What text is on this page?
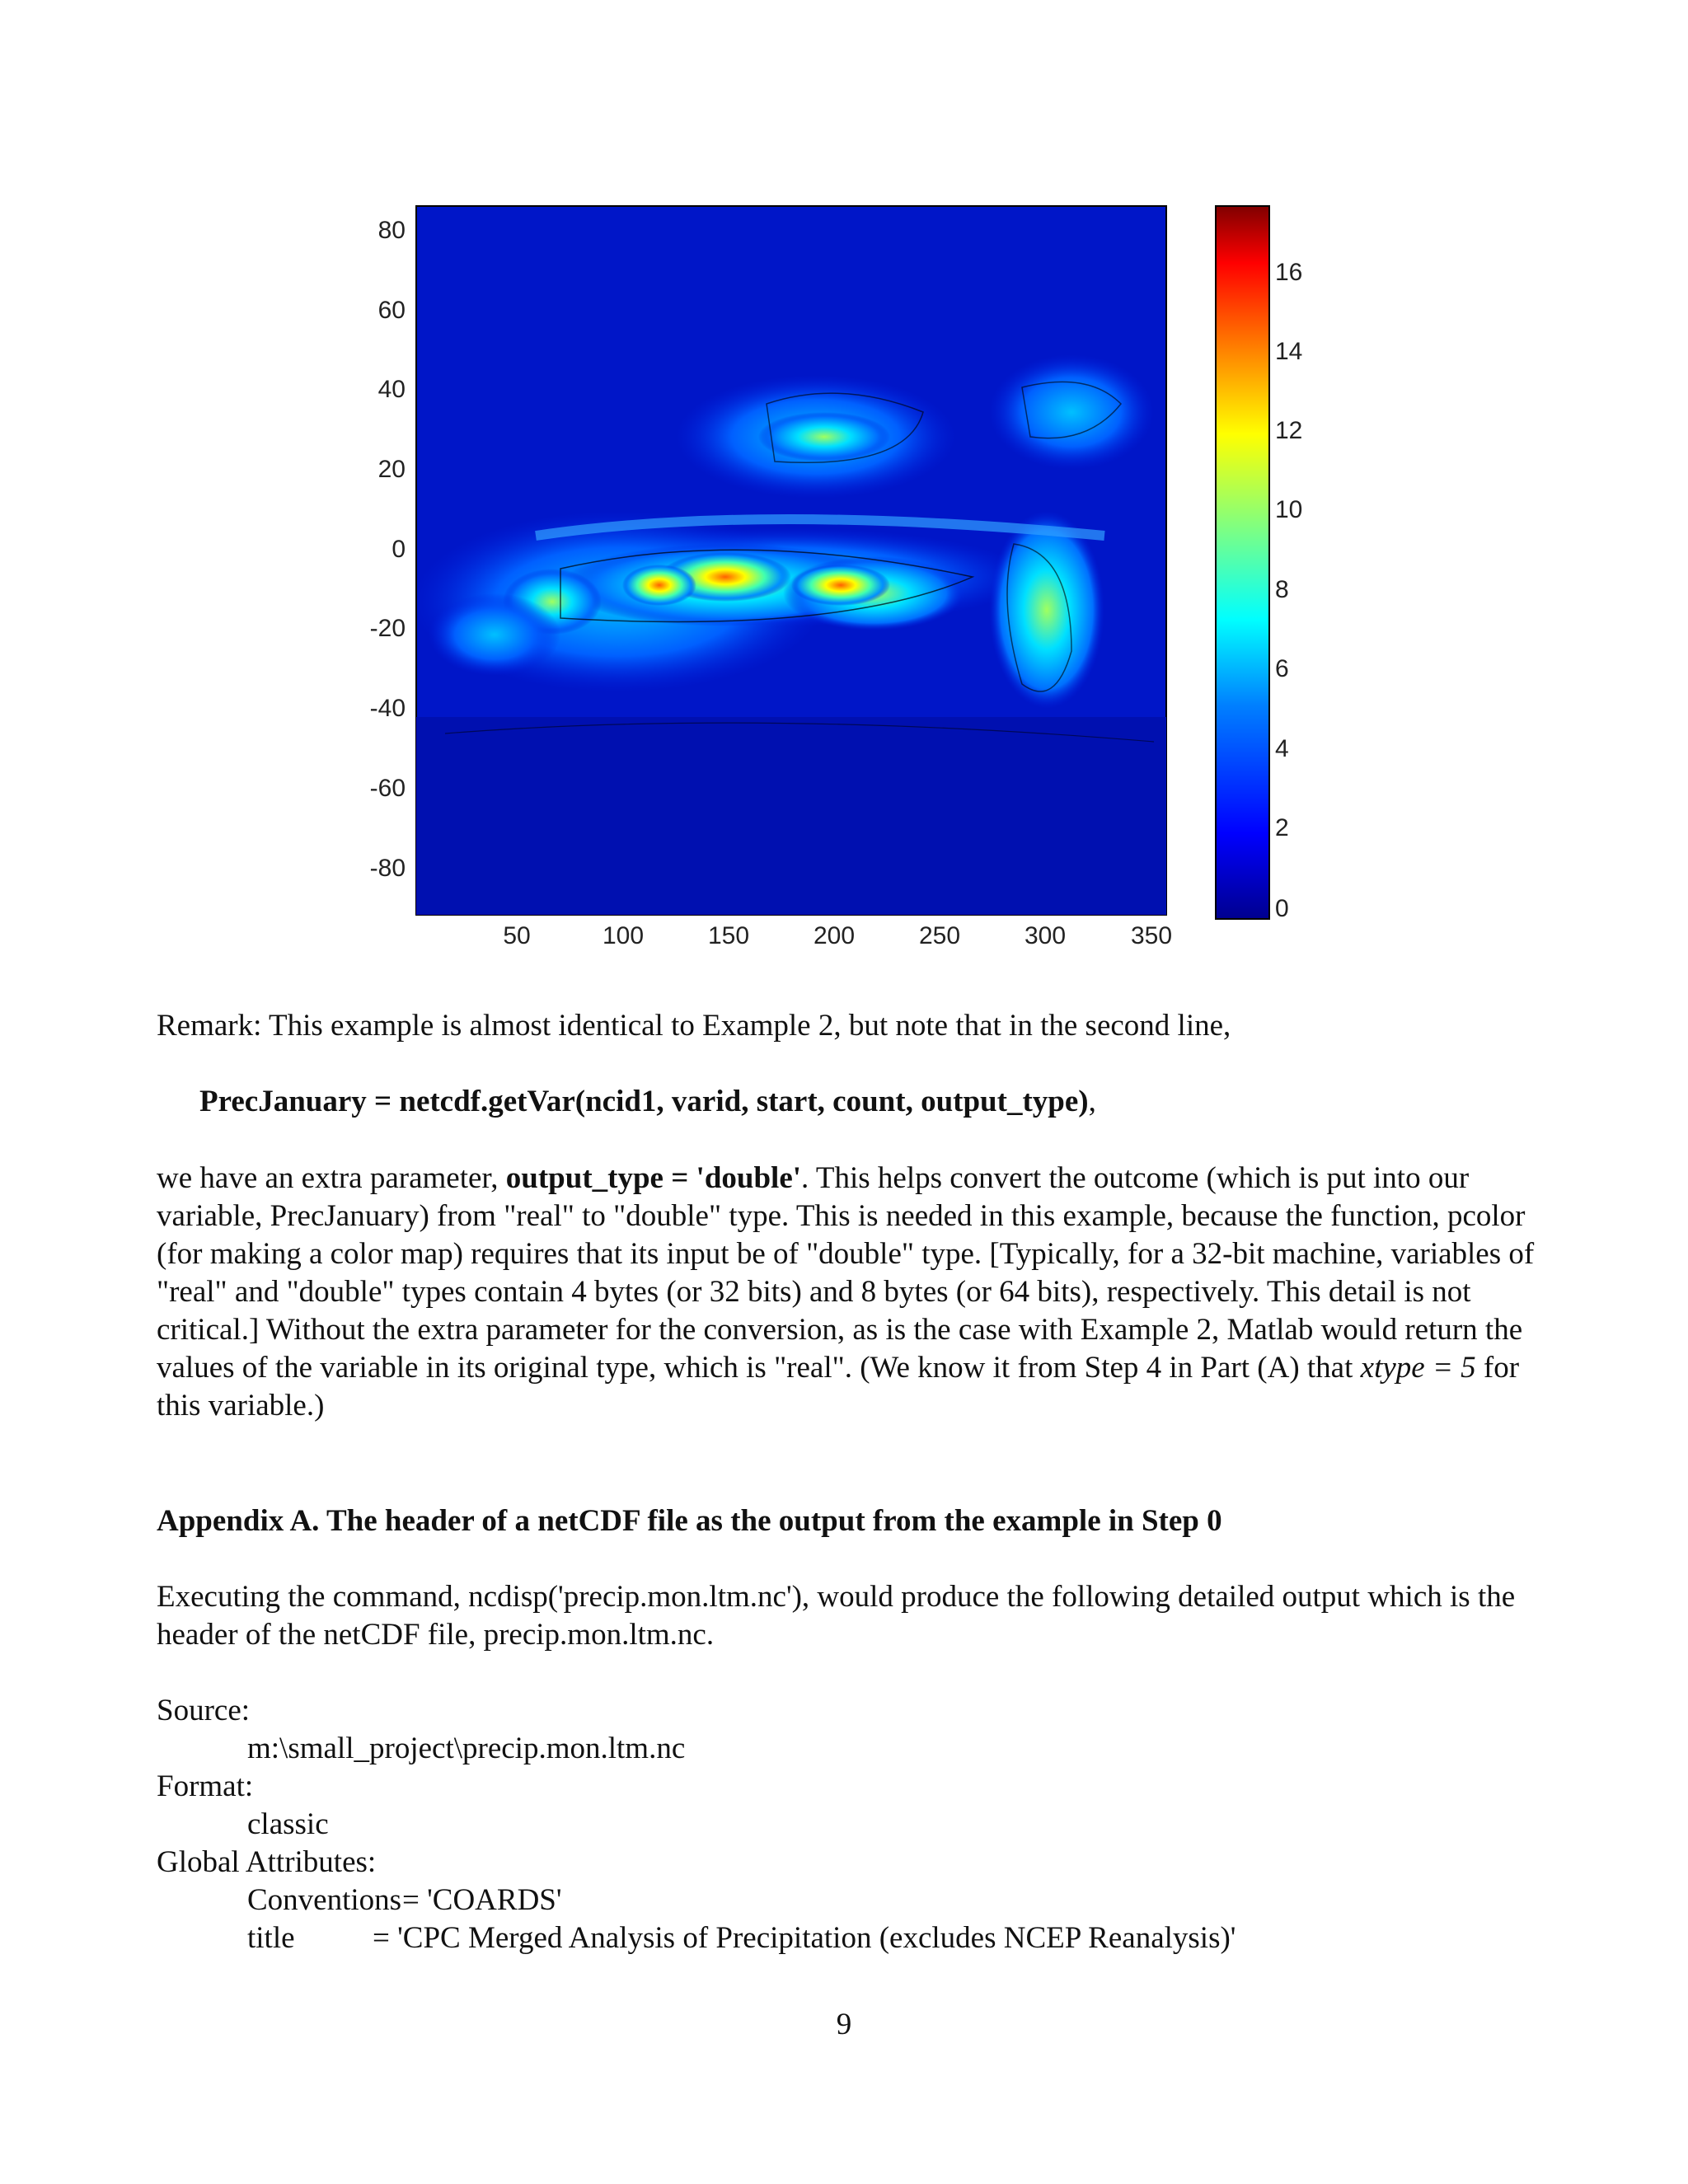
80
60
40
20
0
-20
-40
-60
-80
50	100	150	200	250	300	350
16
14
12
10
8
6
4
2
0
Remark: This example is almost identical to Example 2, but note that in the second line,
PrecJanuary = netcdf.getVar(ncid1, varid, start, count, output_type),
we have an extra parameter, output_type = 'double'. This helps convert the outcome (which is put into our variable, PrecJanuary) from "real" to "double" type. This is needed in this example, because the function, pcolor (for making a color map) requires that its input be of "double" type. [Typically, for a 32-bit machine, variables of "real" and "double" types contain 4 bytes (or 32 bits) and 8 bytes (or 64 bits), respectively. This detail is not critical.] Without the extra parameter for the conversion, as is the case with Example 2, Matlab would return the values of the variable in its original type, which is "real". (We know it from Step 4 in Part (A) that xtype = 5 for this variable.)
Appendix A. The header of a netCDF file as the output from the example in Step 0
Executing the command, ncdisp('precip.mon.ltm.nc'), would produce the following detailed output which is the header of the netCDF file, precip.mon.ltm.nc.
Source:
m:\small_project\precip.mon.ltm.nc
Format:
classic
Global Attributes:
Conventions = 'COARDS'
title	= 'CPC Merged Analysis of Precipitation (excludes NCEP Reanalysis)'
9
